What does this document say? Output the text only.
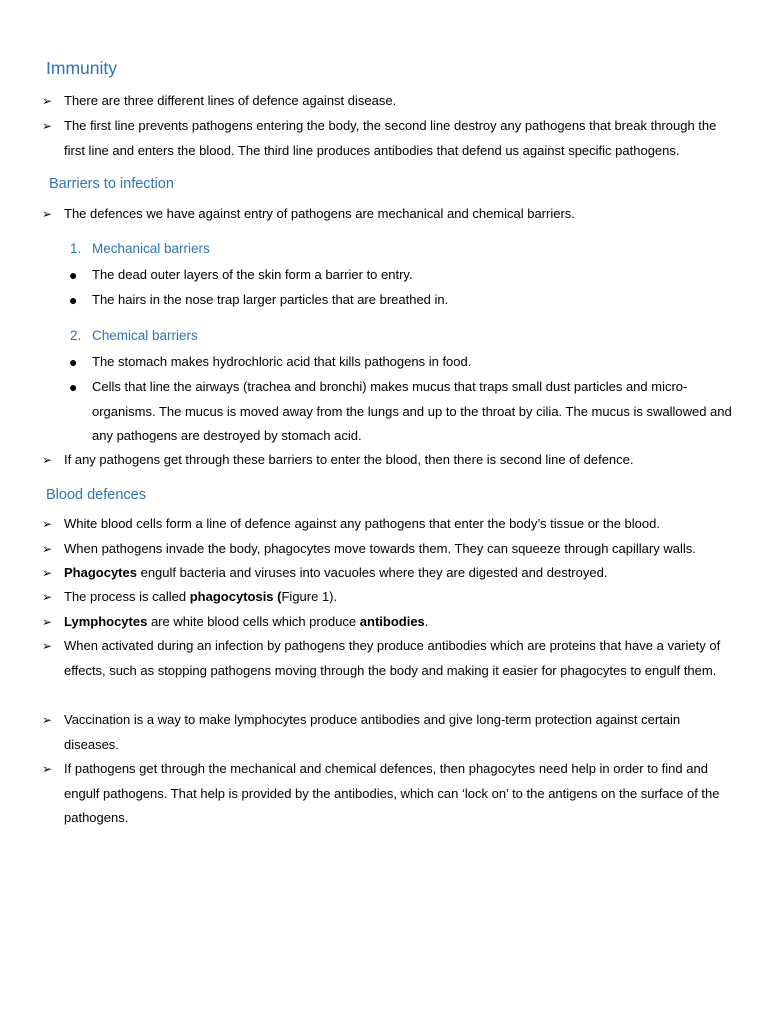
Immunity

➢ There are three different lines of defence against disease.

➢ The first line prevents pathogens entering the body, the second line destroy any pathogens that break through the first line and enters the blood. The third line produces antibodies that defend us against specific pathogens.

Barriers to infection

➢ The defences we have against entry of pathogens are mechanical and chemical barriers.

1. Mechanical barriers

● The dead outer layers of the skin form a barrier to entry.

● The hairs in the nose trap larger particles that are breathed in.

2. Chemical barriers

● The stomach makes hydrochloric acid that kills pathogens in food.

● Cells that line the airways (trachea and bronchi) makes mucus that traps small dust particles and micro-organisms. The mucus is moved away from the lungs and up to the throat by cilia. The mucus is swallowed and any pathogens are destroyed by stomach acid.

➢ If any pathogens get through these barriers to enter the blood, then there is second line of defence.

Blood defences

➢ White blood cells form a line of defence against any pathogens that enter the body’s tissue or the blood.

➢ When pathogens invade the body, phagocytes move towards them. They can squeeze through capillary walls.

➢ Phagocytes engulf bacteria and viruses into vacuoles where they are digested and destroyed.

➢ The process is called phagocytosis (Figure 1).

➢ Lymphocytes are white blood cells which produce antibodies.

➢ When activated during an infection by pathogens they produce antibodies which are proteins that have a variety of effects, such as stopping pathogens moving through the body and making it easier for phagocytes to engulf them.

➢ Vaccination is a way to make lymphocytes produce antibodies and give long-term protection against certain diseases.

➢ If pathogens get through the mechanical and chemical defences, then phagocytes need help in order to find and engulf pathogens. That help is provided by the antibodies, which can ‘lock on’ to the antigens on the surface of the pathogens.
